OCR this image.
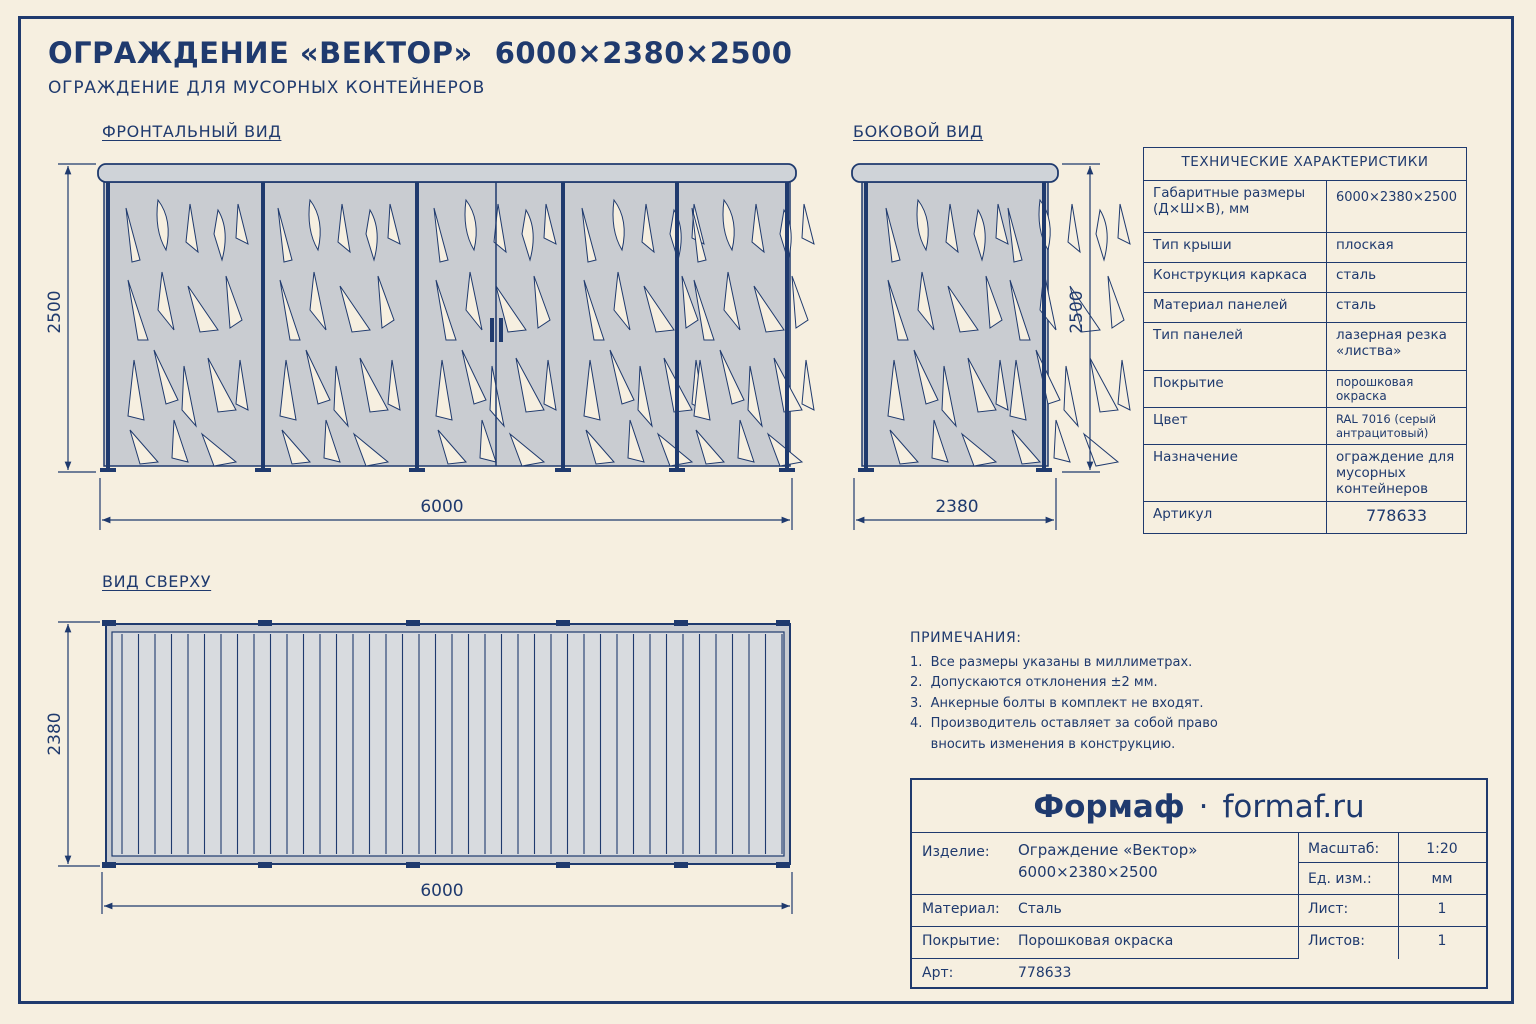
ОГРАЖДЕНИЕ «ВЕКТОР» 6000×2380×2500
ОГРАЖДЕНИЕ ДЛЯ МУСОРНЫХ КОНТЕЙНЕРОВ
ФРОНТАЛЬНЫЙ ВИД	БОКОВОЙ ВИД
ВИД СВЕРХУ
2500
6000
2500
2380
2380
6000
ТЕХНИЧЕСКИЕ ХАРАКТЕРИСТИКИ	
Габаритные размеры (Д×Ш×В), мм	6000×2380×2500
Тип крыши	плоская
Конструкция каркаса	сталь
Материал панелей	сталь
Тип панелей	лазерная резка «листва»
Покрытие	порошковая окраска
Цвет	RAL 7016 (серый антрацитовый)
Назначение	ограждение для мусорных контейнеров
Артикул	778633
ПРИМЕЧАНИЯ:
1.  Все размеры указаны в миллиметрах.
2.  Допускаются отклонения ±2 мм.
3.  Анкерные болты в комплект не входят.
4.  Производитель оставляет за собой право
вносить изменения в конструкцию.
Формаф · formaf.ru
Изделие: Ограждение «Вектор»
6000×2380×2500
Материал: Сталь
Покрытие: Порошковая окраска
Арт:	778633
Масштаб:	1:20
Ед. изм.:	мм
Лист:	1
Листов:	1
